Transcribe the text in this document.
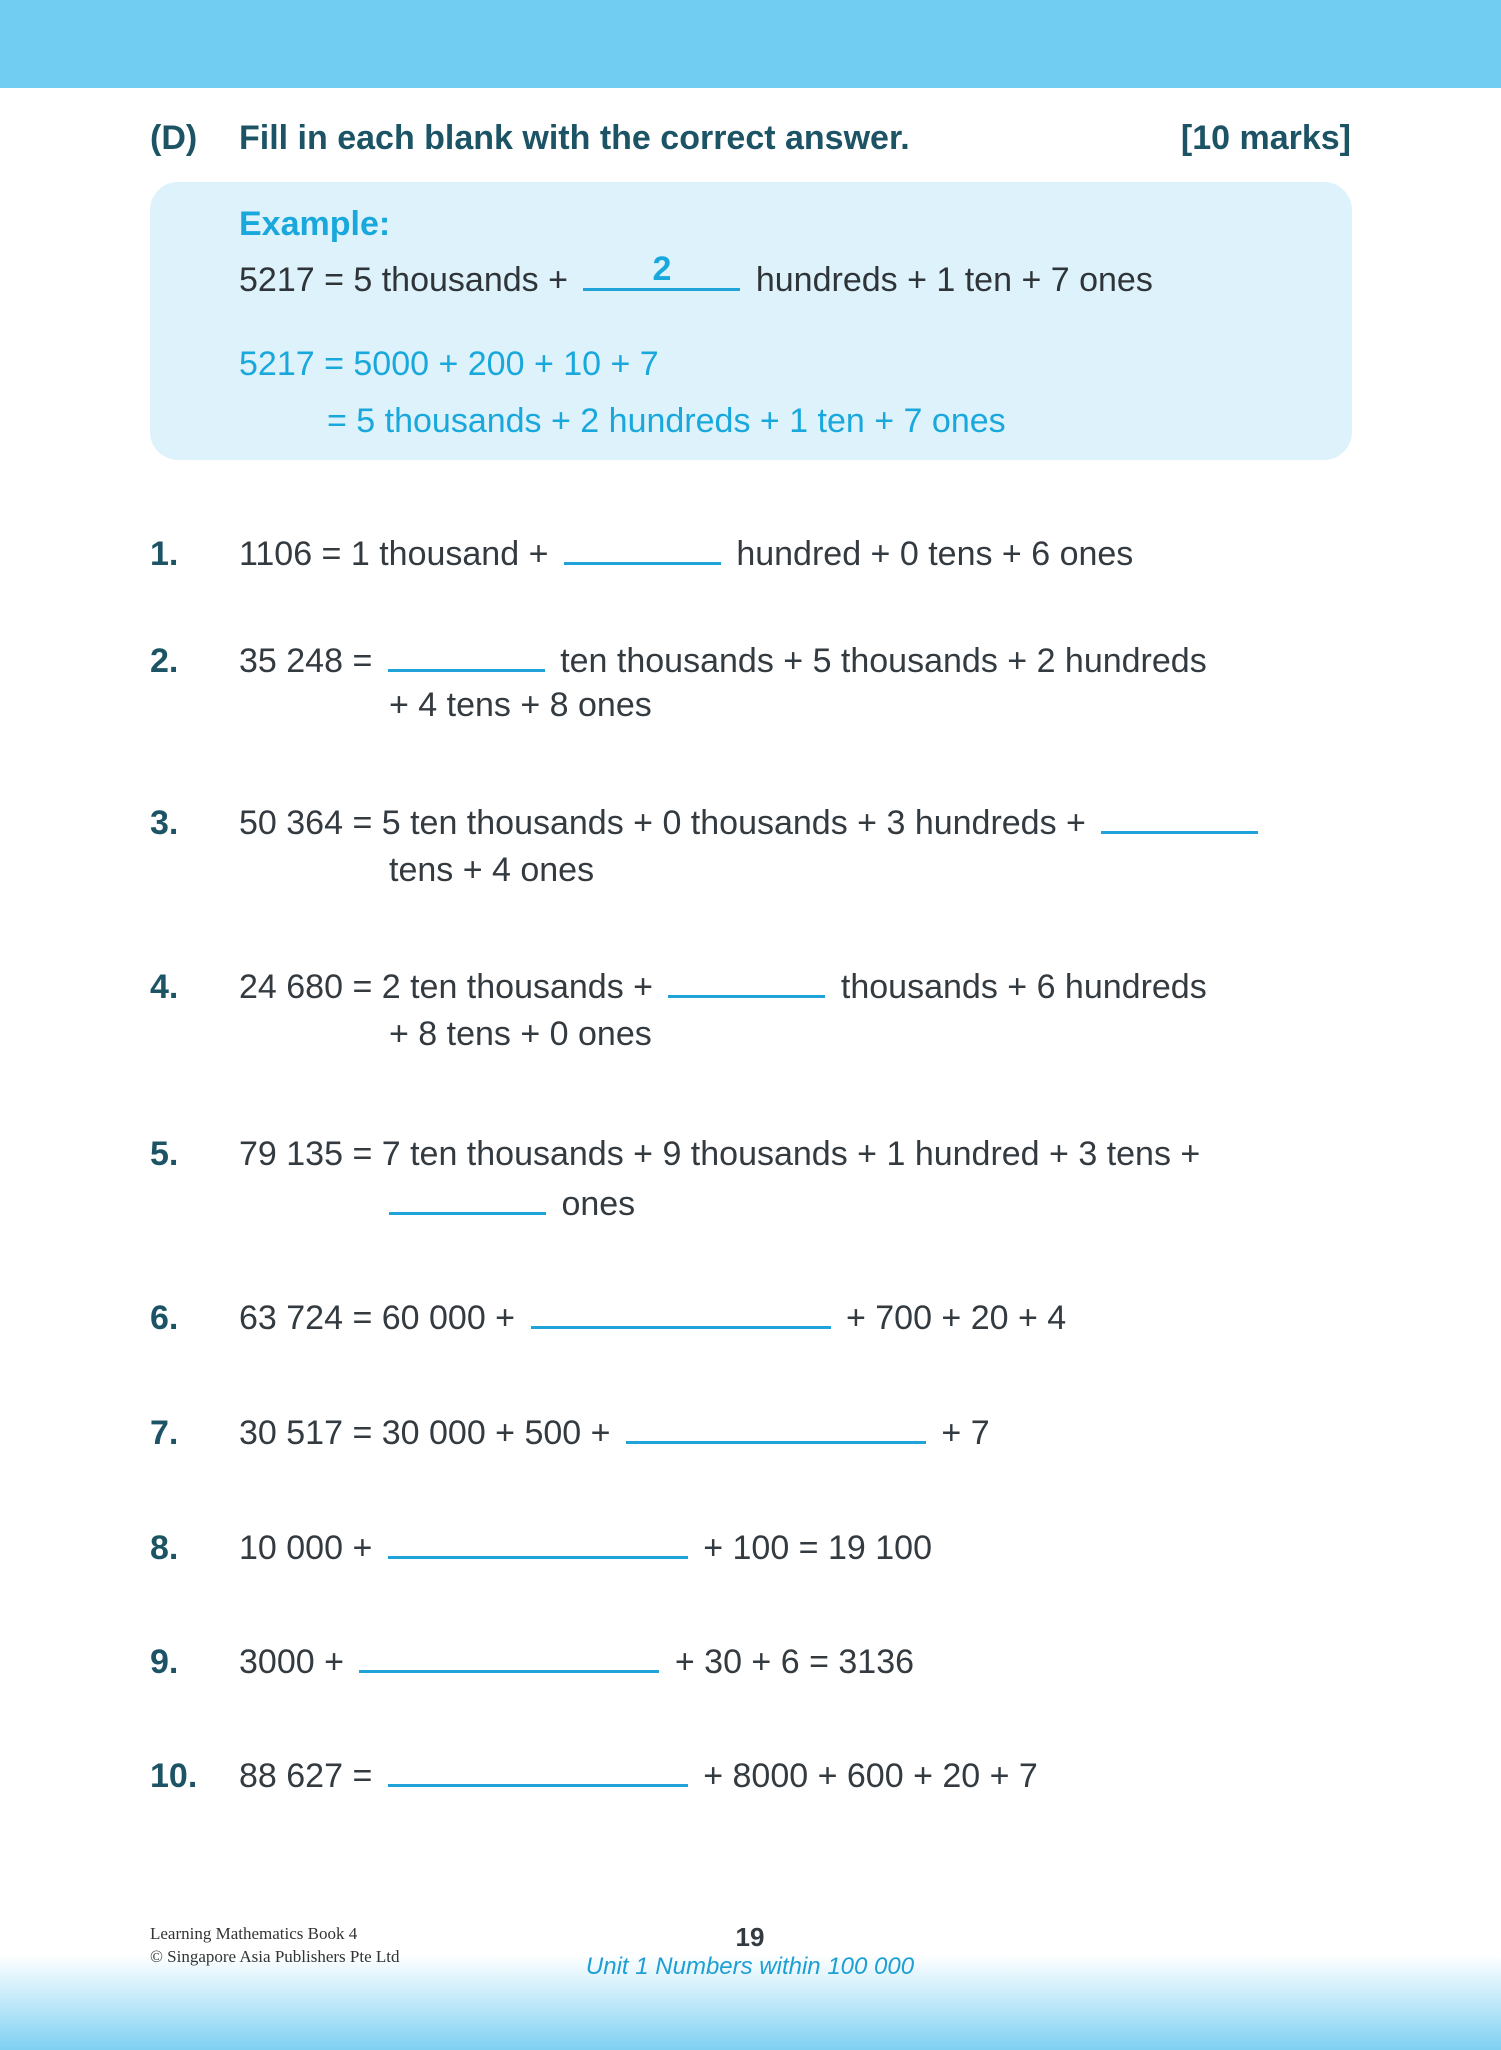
(D) Fill in each blank with the correct answer.	[10 marks]
Example:
5217 = 5 thousands +	2	hundreds + 1 ten + 7 ones
5217 = 5000 + 200 + 10 + 7
= 5 thousands + 2 hundreds + 1 ten + 7 ones
1. 1106 = 1 thousand +	hundred + 0 tens + 6 ones
2. 35 248 =	ten thousands + 5 thousands + 2 hundreds
+ 4 tens + 8 ones
3. 50 364 = 5 ten thousands + 0 thousands + 3 hundreds +
tens + 4 ones
4. 24 680 = 2 ten thousands +	thousands + 6 hundreds
+ 8 tens + 0 ones
5. 79 135 = 7 ten thousands + 9 thousands + 1 hundred + 3 tens +
ones
6. 63 724 = 60 000 +	+ 700 + 20 + 4
7. 30 517 = 30 000 + 500 +	+ 7
8. 10 000 +	+ 100 = 19 100
9. 3000 +	+ 30 + 6 = 3136
10. 88 627 =	+ 8000 + 600 + 20 + 7
Learning Mathematics Book 4
© Singapore Asia Publishers Pte Ltd
19
Unit 1 Numbers within 100 000
